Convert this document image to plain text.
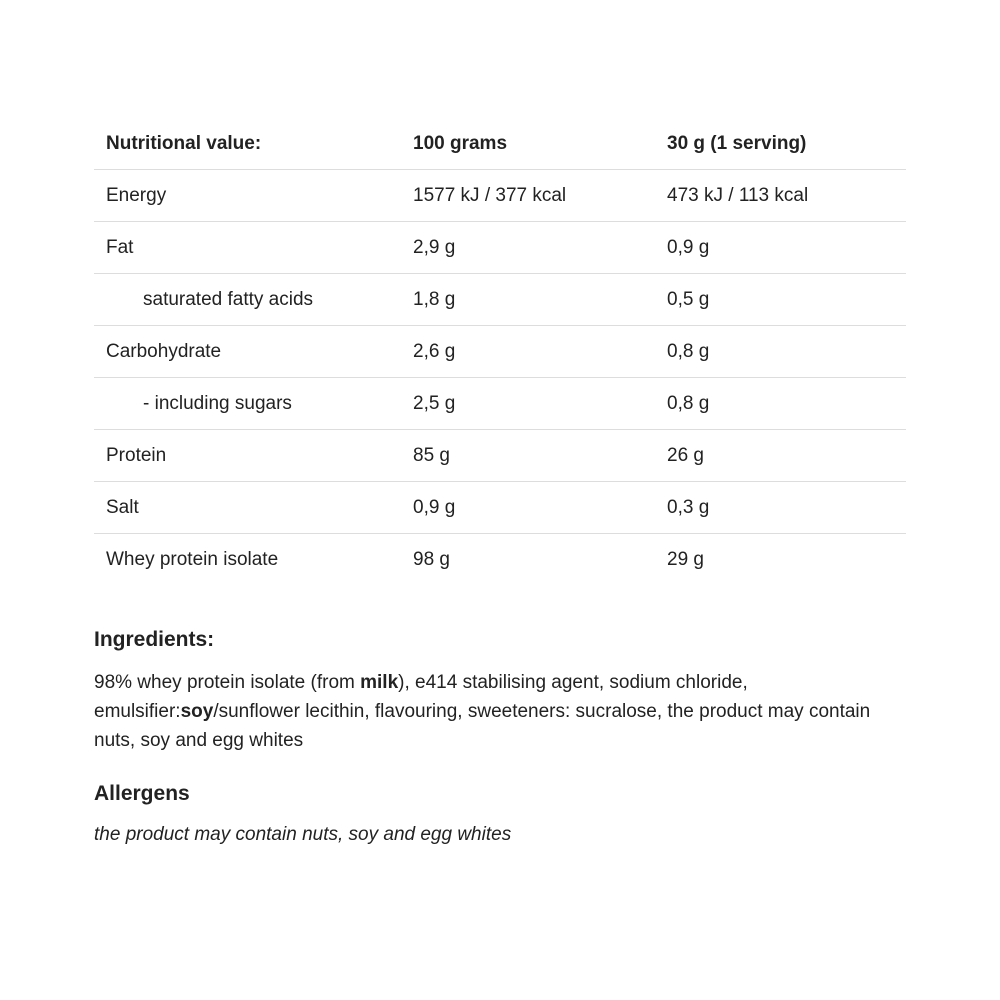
Nutritional value:	100 grams	30 g (1 serving)
Energy	1577 kJ / 377 kcal	473 kJ / 113 kcal
Fat	2,9 g	0,9 g
saturated fatty acids	1,8 g	0,5 g
Carbohydrate	2,6 g	0,8 g
- including sugars	2,5 g	0,8 g
Protein	85 g	26 g
Salt	0,9 g	0,3 g
Whey protein isolate	98 g	29 g
Ingredients:
98% whey protein isolate (from milk), e414 stabilising agent, sodium chloride, emulsifier:soy/sunflower lecithin, flavouring, sweeteners: sucralose, the product may contain nuts, soy and egg whites
Allergens
the product may contain nuts, soy and egg whites
